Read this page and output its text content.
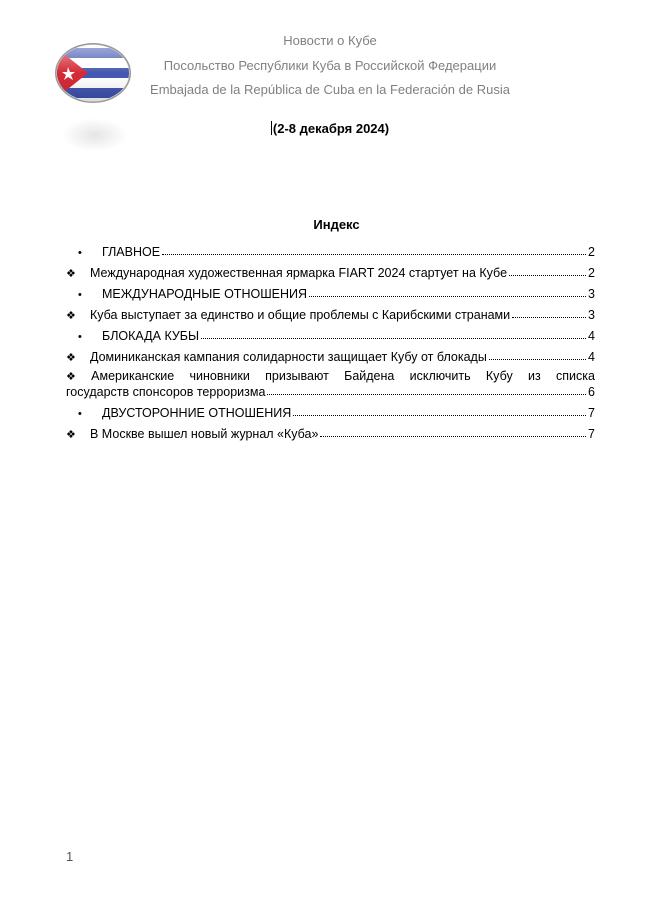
Новости о Кубе
Посольство Республики Куба в Российской Федерации
Embajada de la República de Cuba en la Federación de Rusia
(2-8 декабря 2024)
Индекс
•	ГЛАВНОЕ	2
❖	Международная художественная ярмарка FIART 2024 стартует на Кубе	2
•	МЕЖДУНАРОДНЫЕ ОТНОШЕНИЯ	3
❖	Куба выступает за единство и общие проблемы с Карибскими странами	3
•	БЛОКАДА КУБЫ	4
❖	Доминиканская кампания солидарности защищает Кубу от блокады	4
❖ Американские чиновники призывают Байдена исключить Кубу из списка
государств спонсоров терроризма	6
•	ДВУСТОРОННИЕ ОТНОШЕНИЯ	7
❖	В Москве вышел новый журнал «Куба»	7
1
